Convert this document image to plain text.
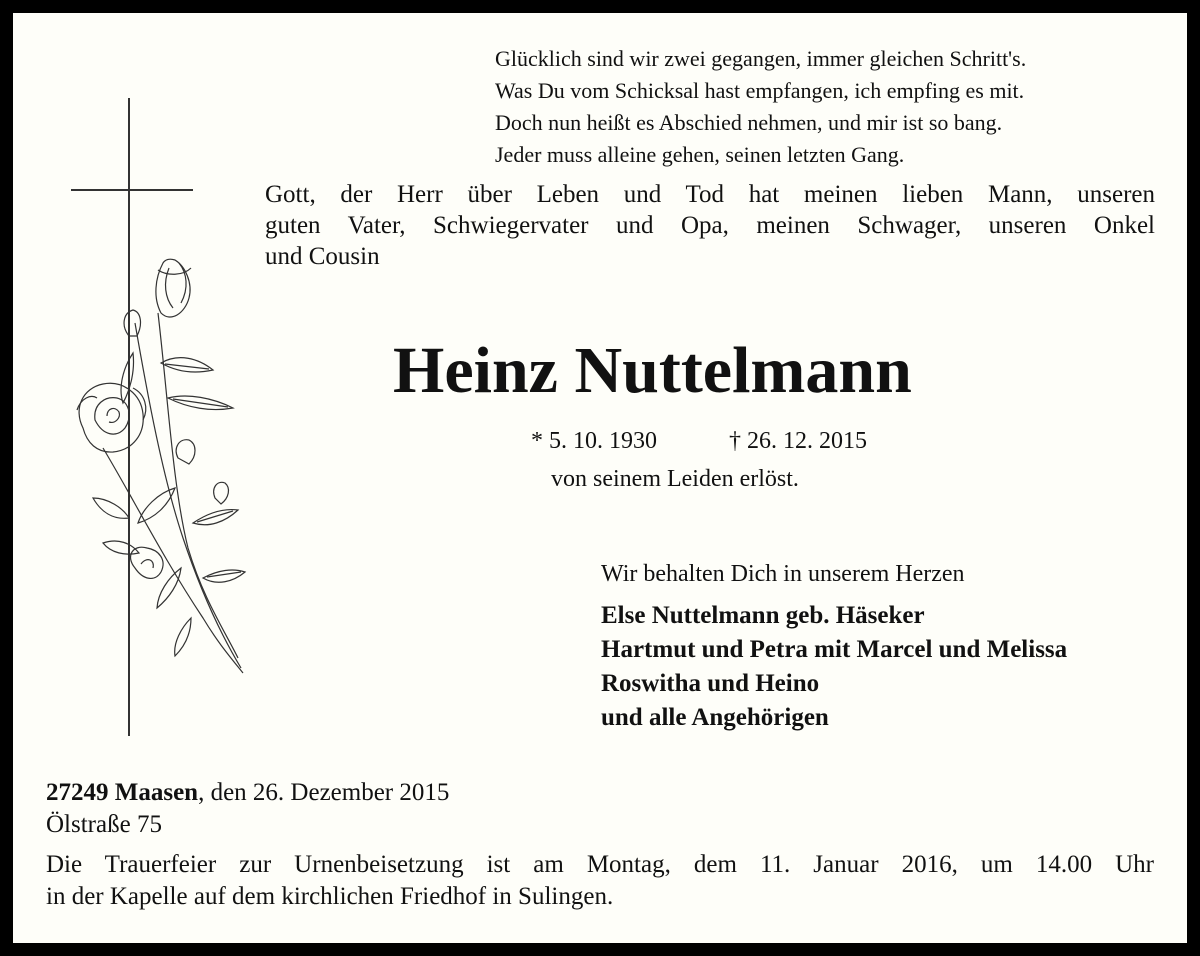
Glücklich sind wir zwei gegangen, immer gleichen Schritt's.
Was Du vom Schicksal hast empfangen, ich empfing es mit.
Doch nun heißt es Abschied nehmen, und mir ist so bang.
Jeder muss alleine gehen, seinen letzten Gang.
Gott, der Herr über Leben und Tod hat meinen lieben Mann, unseren
guten Vater, Schwiegervater und Opa, meinen Schwager, unseren Onkel
und Cousin
Heinz Nuttelmann
* 5. 10. 1930	† 26. 12. 2015
von seinem Leiden erlöst.
Wir behalten Dich in unserem Herzen
Else Nuttelmann geb. Häseker
Hartmut und Petra mit Marcel und Melissa
Roswitha und Heino
und alle Angehörigen
27249 Maasen, den 26. Dezember 2015
Ölstraße 75
Die Trauerfeier zur Urnenbeisetzung ist am Montag, dem 11. Januar 2016, um 14.00 Uhr
in der Kapelle auf dem kirchlichen Friedhof in Sulingen.
